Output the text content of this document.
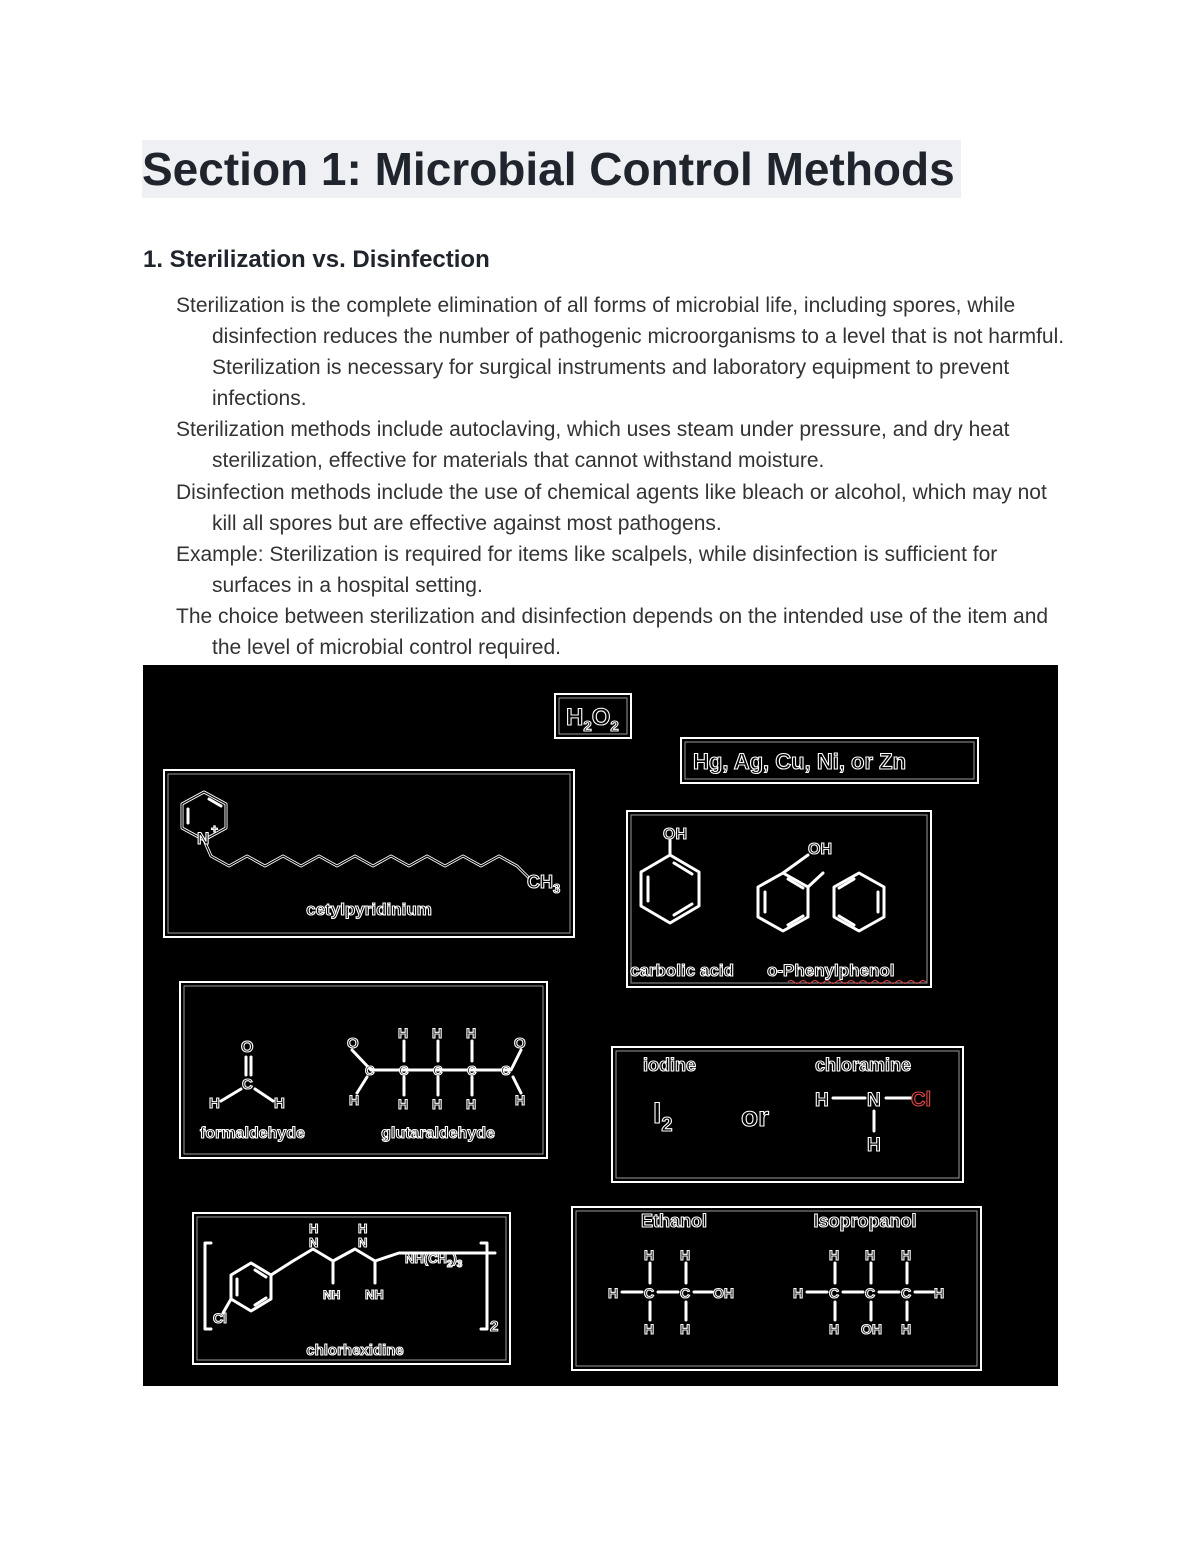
Section 1: Microbial Control Methods
1. Sterilization vs. Disinfection

Sterilization is the complete elimination of all forms of microbial life, including spores, while disinfection reduces the number of pathogenic microorganisms to a level that is not harmful. Sterilization is necessary for surgical instruments and laboratory equipment to prevent infections.

Sterilization methods include autoclaving, which uses steam under pressure, and dry heat sterilization, effective for materials that cannot withstand moisture.

Disinfection methods include the use of chemical agents like bleach or alcohol, which may not kill all spores but are effective against most pathogens.

Example: Sterilization is required for items like scalpels, while disinfection is sufficient for surfaces in a hospital setting.

The choice between sterilization and disinfection depends on the intended use of the item and the level of microbial control required.

$H_2O_2$
Hg, Ag, Cu, Ni, or Zn
N +
$CH_3$
cetylpyridinium
OH
OH
carbolic acid o-Phenylphenol
O
C
H	H
formaldehyde
O	O
C C C C C
H H H
H H H
H	H
glutaraldehyde
iodine	chloramine
$I_2$ or
H N Cl
H
Cl
H
N
H
N
NH NH
$NH(CH_2)_3$
2
chlorhexidine
Ethanol	Isopropanol
H C C OH
H H
H H
H C C C H
H H H
H OH H
